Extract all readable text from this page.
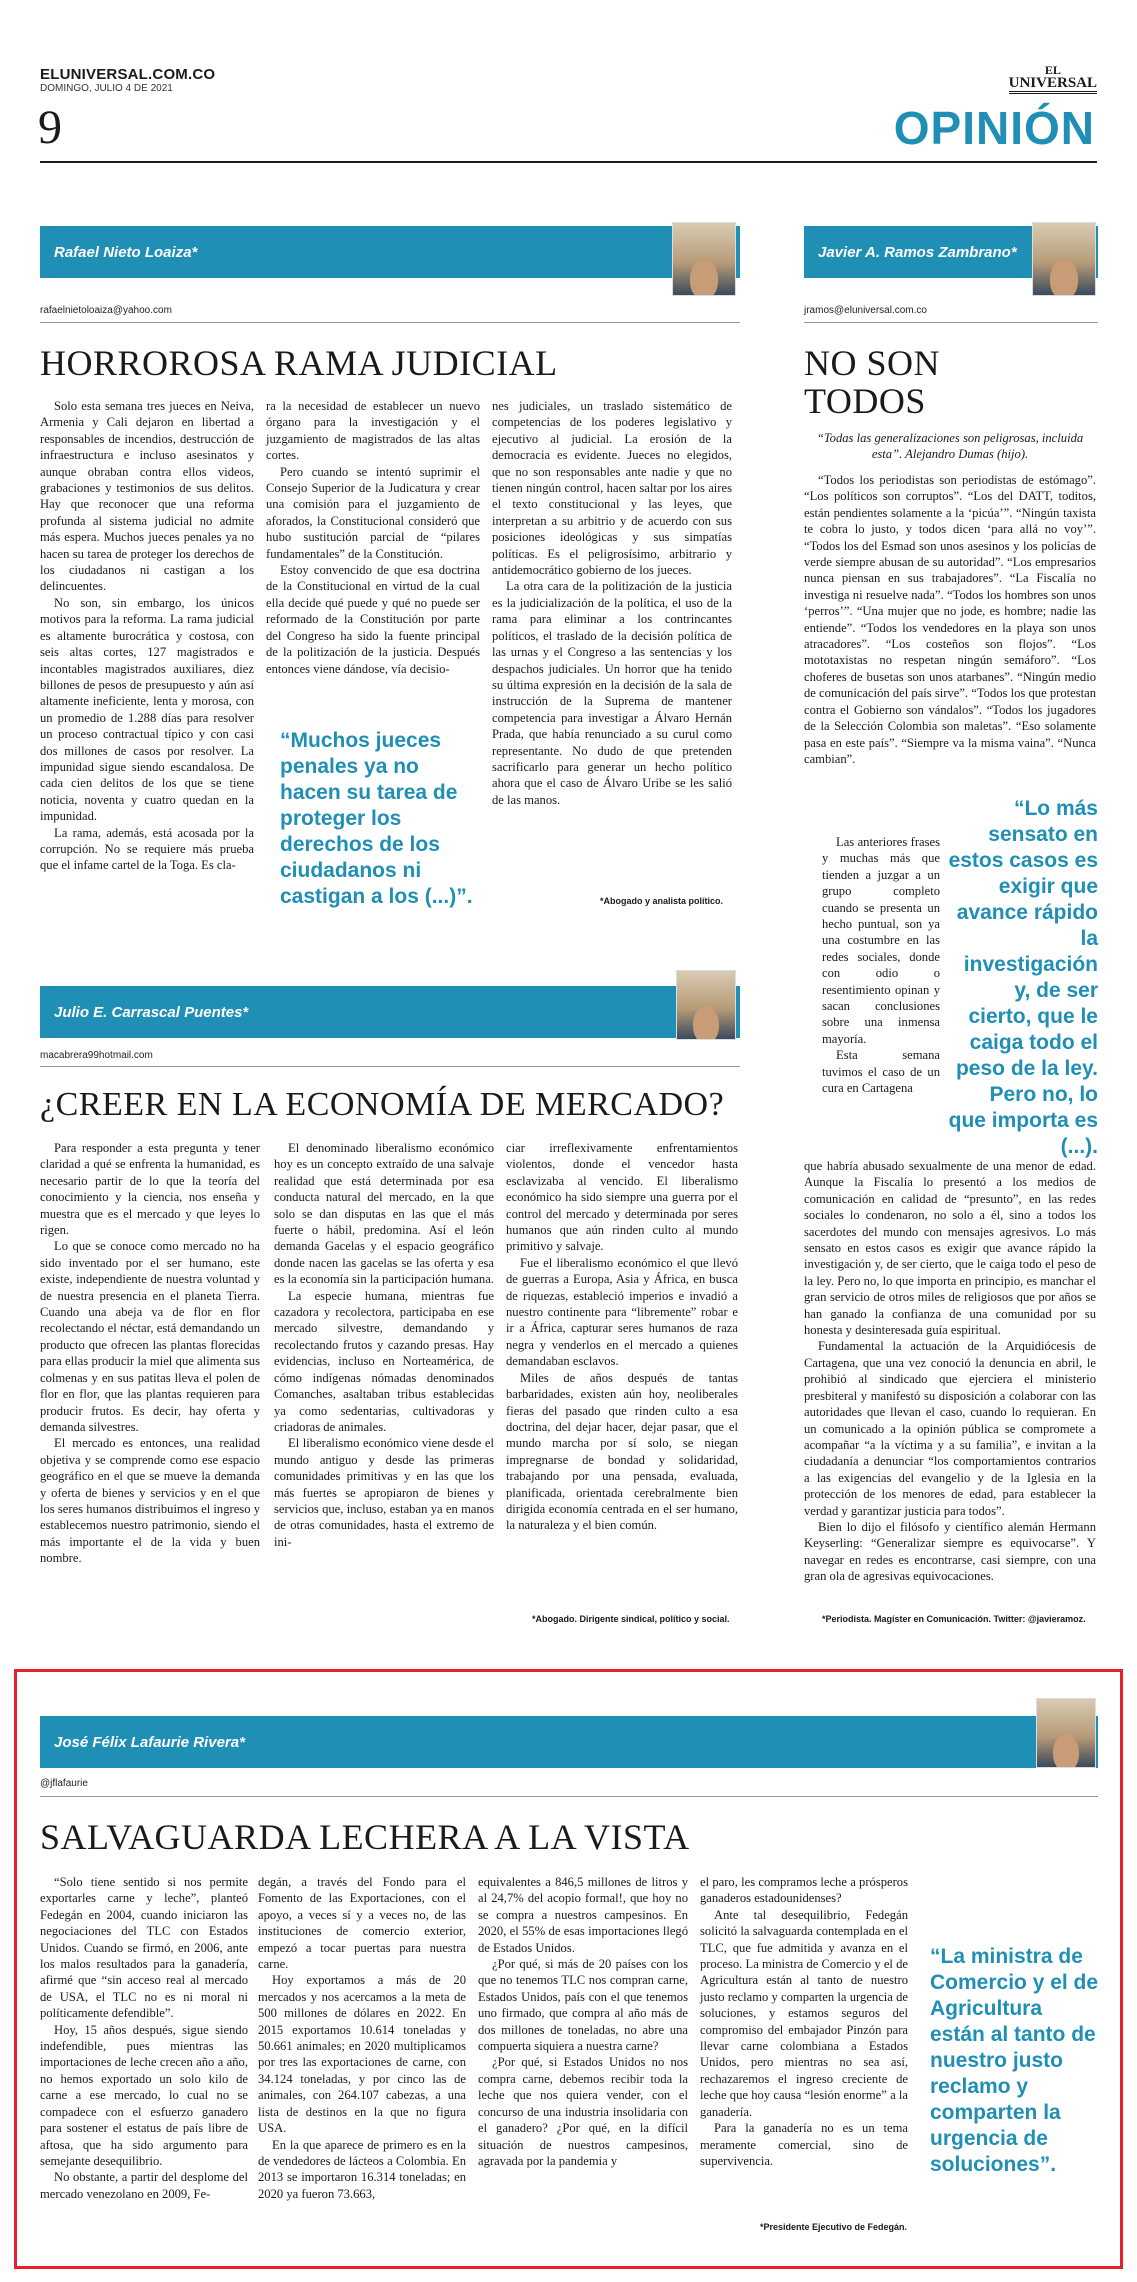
ELUNIVERSAL.COM.CO
DOMINGO, JULIO 4 DE 2021
EL
UNIVERSAL
9	OPINIÓN
Rafael Nieto Loaiza*
rafaelnietoloaiza@yahoo.com
HORROROSA RAMA JUDICIAL

Solo esta semana tres jueces en Neiva, Armenia y Cali dejaron en libertad a responsables de incendios, destrucción de infraestructura e incluso asesinatos y aunque obraban contra ellos videos, grabaciones y testimonios de sus delitos. Hay que reconocer que una reforma profunda al sistema judicial no admite más espera. Muchos jueces penales ya no hacen su tarea de proteger los derechos de los ciudadanos ni castigan a los delincuentes.

No son, sin embargo, los únicos motivos para la reforma. La rama judicial es altamente burocrática y costosa, con seis altas cortes, 127 magistrados e incontables magistrados auxiliares, diez billones de pesos de presupuesto y aún así altamente ineficiente, lenta y morosa, con un promedio de 1.288 días para resolver un proceso contractual típico y con casi dos millones de casos por resolver. La impunidad sigue siendo escandalosa. De cada cien delitos de los que se tiene noticia, noventa y cuatro quedan en la impunidad.

La rama, además, está acosada por la corrupción. No se requiere más prueba que el infame cartel de la Toga. Es cla-

ra la necesidad de establecer un nuevo órgano para la investigación y el juzgamiento de magistrados de las altas cortes.

Pero cuando se intentó suprimir el Consejo Superior de la Judicatura y crear una comisión para el juzgamiento de aforados, la Constitucional consideró que hubo sustitución parcial de “pilares fundamentales” de la Constitución.

Estoy convencido de que esa doctrina de la Constitucional en virtud de la cual ella decide qué puede y qué no puede ser reformado de la Constitución por parte del Congreso ha sido la fuente principal de la politización de la justicia. Después entonces viene dándose, vía decisio-

“Muchos jueces penales ya no hacen su tarea de proteger los derechos de los ciudadanos ni castigan a los (...)”.

nes judiciales, un traslado sistemático de competencias de los poderes legislativo y ejecutivo al judicial. La erosión de la democracia es evidente. Jueces no elegidos, que no son responsables ante nadie y que no tienen ningún control, hacen saltar por los aires el texto constitucional y las leyes, que interpretan a su arbitrio y de acuerdo con sus posiciones ideológicas y sus simpatías políticas. Es el peligrosísimo, arbitrario y antidemocrático gobierno de los jueces.

La otra cara de la politización de la justicia es la judicialización de la política, el uso de la rama para eliminar a los contrincantes políticos, el traslado de la decisión política de las urnas y el Congreso a las sentencias y los despachos judiciales. Un horror que ha tenido su última expresión en la decisión de la sala de instrucción de la Suprema de mantener competencia para investigar a Álvaro Hernán Prada, que había renunciado a su curul como representante. No dudo de que pretenden sacrificarlo para generar un hecho político ahora que el caso de Álvaro Uribe se les salió de las manos.

*Abogado y analista político.
Julio E. Carrascal Puentes*
macabrera99hotmail.com
¿CREER EN LA ECONOMÍA DE MERCADO?

Para responder a esta pregunta y tener claridad a qué se enfrenta la humanidad, es necesario partir de lo que la teoría del conocimiento y la ciencia, nos enseña y muestra que es el mercado y que leyes lo rigen.

Lo que se conoce como mercado no ha sido inventado por el ser humano, este existe, independiente de nuestra voluntad y de nuestra presencia en el planeta Tierra. Cuando una abeja va de flor en flor recolectando el néctar, está demandando un producto que ofrecen las plantas florecidas para ellas producir la miel que alimenta sus colmenas y en sus patitas lleva el polen de flor en flor, que las plantas requieren para producir frutos. Es decir, hay oferta y demanda silvestres.

El mercado es entonces, una realidad objetiva y se comprende como ese espacio geográfico en el que se mueve la demanda y oferta de bienes y servicios y en el que los seres humanos distribuimos el ingreso y establecemos nuestro patrimonio, siendo el más importante el de la vida y buen nombre.

El denominado liberalismo económico hoy es un concepto extraído de una salvaje realidad que está determinada por esa conducta natural del mercado, en la que solo se dan disputas en las que el más fuerte o hábil, predomina. Así el león demanda Gacelas y el espacio geográfico donde nacen las gacelas se las oferta y esa es la economía sin la participación humana.

La especie humana, mientras fue cazadora y recolectora, participaba en ese mercado silvestre, demandando y recolectando frutos y cazando presas. Hay evidencias, incluso en Norteamérica, de cómo indígenas nómadas denominados Comanches, asaltaban tribus establecidas ya como sedentarias, cultivadoras y criadoras de animales.

El liberalismo económico viene desde el mundo antiguo y desde las primeras comunidades primitivas y en las que los más fuertes se apropiaron de bienes y servicios que, incluso, estaban ya en manos de otras comunidades, hasta el extremo de ini-

ciar irreflexivamente enfrentamientos violentos, donde el vencedor hasta esclavizaba al vencido. El liberalismo económico ha sido siempre una guerra por el control del mercado y determinada por seres humanos que aún rinden culto al mundo primitivo y salvaje.

Fue el liberalismo económico el que llevó de guerras a Europa, Asia y África, en busca de riquezas, estableció imperios e invadió a nuestro continente para “libremente” robar e ir a África, capturar seres humanos de raza negra y venderlos en el mercado a quienes demandaban esclavos.

Miles de años después de tantas barbaridades, existen aún hoy, neoliberales fieras del pasado que rinden culto a esa doctrina, del dejar hacer, dejar pasar, que el mundo marcha por sí solo, se niegan impregnarse de bondad y solidaridad, trabajando por una pensada, evaluada, planificada, orientada cerebralmente bien dirigida economía centrada en el ser humano, la naturaleza y el bien común.

*Abogado. Dirigente sindical, político y social.
Javier A. Ramos Zambrano*
jramos@eluniversal.com.co
NO SON
TODOS
“Todas las generalizaciones son peligrosas, incluida esta”. Alejandro Dumas (hijo).

“Todos los periodistas son periodistas de estómago”. “Los políticos son corruptos”. “Los del DATT, toditos, están pendientes solamente a la ‘picúa’”. “Ningún taxista te cobra lo justo, y todos dicen ‘para allá no voy’”. “Todos los del Esmad son unos asesinos y los policías de verde siempre abusan de su autoridad”. “Los empresarios nunca piensan en sus trabajadores”. “La Fiscalía no investiga ni resuelve nada”. “Todos los hombres son unos ‘perros’”. “Una mujer que no jode, es hombre; nadie las entiende”. “Todos los vendedores en la playa son unos atracadores”. “Los costeños son flojos”. “Los mototaxistas no respetan ningún semáforo”. “Los choferes de busetas son unos atarbanes”. “Ningún medio de comunicación del país sirve”. “Todos los que protestan contra el Gobierno son vándalos”. “Todos los jugadores de la Selección Colombia son maletas”. “Eso solamente pasa en este país”. “Siempre va la misma vaina”. “Nunca cambian”.

Las anteriores frases y muchas más que tienden a juzgar a un grupo completo cuando se presenta un hecho puntual, son ya una costumbre en las redes sociales, donde con odio o resentimiento opinan y sacan conclusiones sobre una inmensa mayoría.

Esta semana tuvimos el caso de un cura en Cartagena

“Lo más sensato en estos casos es exigir que avance rápido la investigación y, de ser cierto, que le caiga todo el peso de la ley. Pero no, lo que importa es (...).

que habría abusado sexualmente de una menor de edad. Aunque la Fiscalía lo presentó a los medios de comunicación en calidad de “presunto”, en las redes sociales lo condenaron, no solo a él, sino a todos los sacerdotes del mundo con mensajes agresivos. Lo más sensato en estos casos es exigir que avance rápido la investigación y, de ser cierto, que le caiga todo el peso de la ley. Pero no, lo que importa en principio, es manchar el gran servicio de otros miles de religiosos que por años se han ganado la confianza de una comunidad por su honesta y desinteresada guía espiritual.

Fundamental la actuación de la Arquidiócesis de Cartagena, que una vez conoció la denuncia en abril, le prohibió al sindicado que ejerciera el ministerio presbiteral y manifestó su disposición a colaborar con las autoridades que llevan el caso, cuando lo requieran. En un comunicado a la opinión pública se compromete a acompañar “a la víctima y a su familia”, e invitan a la ciudadanía a denunciar “los comportamientos contrarios a las exigencias del evangelio y de la Iglesia en la protección de los menores de edad, para establecer la verdad y garantizar justicia para todos”.

Bien lo dijo el filósofo y científico alemán Hermann Keyserling: “Generalizar siempre es equivocarse”. Y navegar en redes es encontrarse, casi siempre, con una gran ola de agresivas equivocaciones.

*Periodista. Magíster en Comunicación. Twitter: @javieramoz.
José Félix Lafaurie Rivera*
@jflafaurie
SALVAGUARDA LECHERA A LA VISTA

“Solo tiene sentido si nos permite exportarles carne y leche”, planteó Fedegán en 2004, cuando iniciaron las negociaciones del TLC con Estados Unidos. Cuando se firmó, en 2006, ante los malos resultados para la ganadería, afirmé que “sin acceso real al mercado de USA, el TLC no es ni moral ni políticamente defendible”.

Hoy, 15 años después, sigue siendo indefendible, pues mientras las importaciones de leche crecen año a año, no hemos exportado un solo kilo de carne a ese mercado, lo cual no se compadece con el esfuerzo ganadero para sostener el estatus de país libre de aftosa, que ha sido argumento para semejante desequilibrio.

No obstante, a partir del desplome del mercado venezolano en 2009, Fe-

degán, a través del Fondo para el Fomento de las Exportaciones, con el apoyo, a veces sí y a veces no, de las instituciones de comercio exterior, empezó a tocar puertas para nuestra carne.

Hoy exportamos a más de 20 mercados y nos acercamos a la meta de 500 millones de dólares en 2022. En 2015 exportamos 10.614 toneladas y 50.661 animales; en 2020 multiplicamos por tres las exportaciones de carne, con 34.124 toneladas, y por cinco las de animales, con 264.107 cabezas, a una lista de destinos en la que no figura USA.

En la que aparece de primero es en la de vendedores de lácteos a Colombia. En 2013 se importaron 16.314 toneladas; en 2020 ya fueron 73.663,

equivalentes a 846,5 millones de litros y al 24,7% del acopio formal!, que hoy no se compra a nuestros campesinos. En 2020, el 55% de esas importaciones llegó de Estados Unidos.

¿Por qué, si más de 20 países con los que no tenemos TLC nos compran carne, Estados Unidos, país con el que tenemos uno firmado, que compra al año más de dos millones de toneladas, no abre una compuerta siquiera a nuestra carne?

¿Por qué, si Estados Unidos no nos compra carne, debemos recibir toda la leche que nos quiera vender, con el concurso de una industria insolidaria con el ganadero? ¿Por qué, en la difícil situación de nuestros campesinos, agravada por la pandemia y

el paro, les compramos leche a prósperos ganaderos estadounidenses?

Ante tal desequilibrio, Fedegán solicitó la salvaguarda contemplada en el TLC, que fue admitida y avanza en el proceso. La ministra de Comercio y el de Agricultura están al tanto de nuestro justo reclamo y comparten la urgencia de soluciones, y estamos seguros del compromiso del embajador Pinzón para llevar carne colombiana a Estados Unidos, pero mientras no sea así, rechazaremos el ingreso creciente de leche que hoy causa “lesión enorme” a la ganadería.

Para la ganadería no es un tema meramente comercial, sino de supervivencia.

“La ministra de Comercio y el de Agricultura están al tanto de nuestro justo reclamo y comparten la urgencia de soluciones”.
*Presidente Ejecutivo de Fedegán.
